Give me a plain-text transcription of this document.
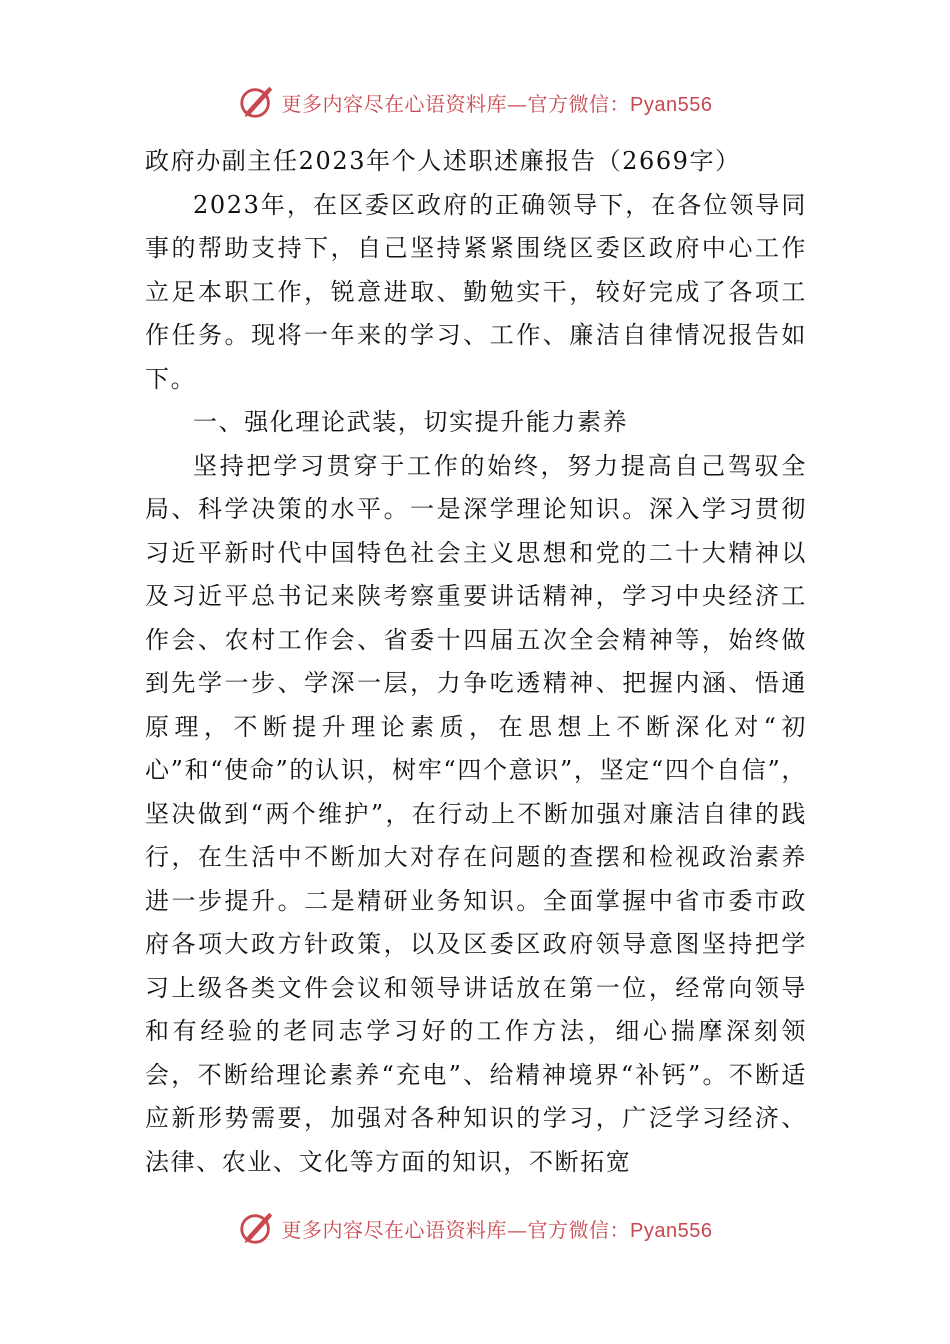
更多内容尽在心语资料库—官方微信：Pyan556

政府办副主任2023年个人述职述廉报告（2669字）

2023年，在区委区政府的正确领导下，在各位领导同事的帮助支持下，自己坚持紧紧围绕区委区政府中心工作立足本职工作，锐意进取、勤勉实干，较好完成了各项工作任务。现将一年来的学习、工作、廉洁自律情况报告如下。

一、强化理论武装，切实提升能力素养

坚持把学习贯穿于工作的始终，努力提高自己驾驭全局、科学决策的水平。一是深学理论知识。深入学习贯彻习近平新时代中国特色社会主义思想和党的二十大精神以及习近平总书记来陕考察重要讲话精神，学习中央经济工作会、农村工作会、省委十四届五次全会精神等，始终做到先学一步、学深一层，力争吃透精神、把握内涵、悟通原理，不断提升理论素质，在思想上不断深化对“初心”和“使命”的认识，树牢“四个意识”，坚定“四个自信”，坚决做到“两个维护”，在行动上不断加强对廉洁自律的践行，在生活中不断加大对存在问题的查摆和检视政治素养进一步提升。二是精研业务知识。全面掌握中省市委市政府各项大政方针政策，以及区委区政府领导意图坚持把学习上级各类文件会议和领导讲话放在第一位，经常向领导和有经验的老同志学习好的工作方法，细心揣摩深刻领会，不断给理论素养“充电”、给精神境界“补钙”。不断适应新形势需要，加强对各种知识的学习，广泛学习经济、法律、农业、文化等方面的知识，不断拓宽

更多内容尽在心语资料库—官方微信：Pyan556
